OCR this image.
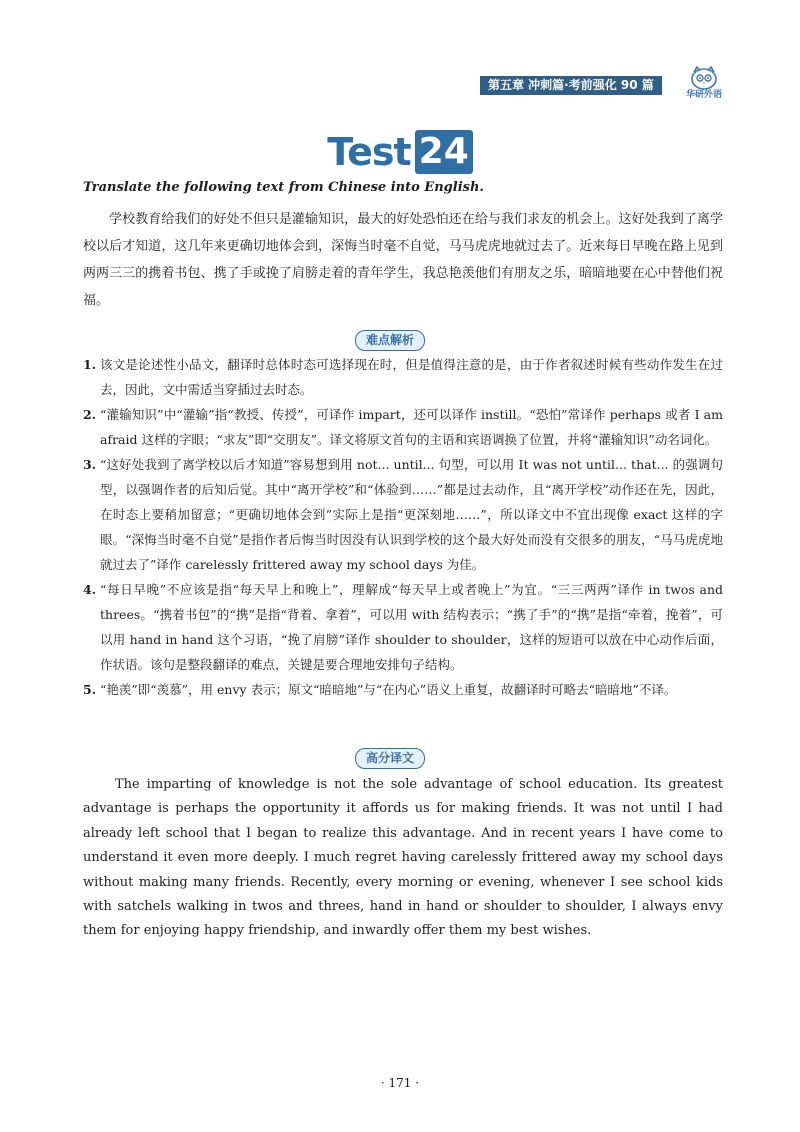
第五章 冲刺篇·考前强化 90 篇
华研外语
Test 24
Translate the following text from Chinese into English.

学校教育给我们的好处不但只是灌输知识，最大的好处恐怕还在给与我们求友的机会上。这好处我到了离学校以后才知道，这几年来更确切地体会到，深悔当时毫不自觉，马马虎虎地就过去了。近来每日早晚在路上见到两两三三的携着书包、携了手或挽了肩膀走着的青年学生，我总艳羡他们有朋友之乐，暗暗地要在心中替他们祝福。

难点解析
1. 该文是论述性小品文，翻译时总体时态可选择现在时，但是值得注意的是，由于作者叙述时候有些动作发生在过去，因此，文中需适当穿插过去时态。
2. “灌输知识”中“灌输”指“教授、传授”，可译作 impart，还可以译作 instill。“恐怕”常译作 perhaps 或者 I am afraid 这样的字眼；“求友”即“交朋友”。译文将原文首句的主语和宾语调换了位置，并将“灌输知识”动名词化。
3. “这好处我到了离学校以后才知道”容易想到用 not... until... 句型，可以用 It was not until... that... 的强调句型，以强调作者的后知后觉。其中“离开学校”和“体验到……”都是过去动作，且“离开学校”动作还在先，因此，在时态上要稍加留意；“更确切地体会到”实际上是指“更深刻地……”，所以译文中不宜出现像 exact 这样的字眼。“深悔当时毫不自觉”是指作者后悔当时因没有认识到学校的这个最大好处而没有交很多的朋友，“马马虎虎地就过去了”译作 carelessly frittered away my school days 为佳。
4. “每日早晚”不应该是指“每天早上和晚上”，理解成“每天早上或者晚上”为宜。“三三两两”译作 in twos and threes。“携着书包”的“携”是指“背着、拿着”，可以用 with 结构表示；“携了手”的“携”是指“牵着，挽着”，可以用 hand in hand 这个习语，“挽了肩膀”译作 shoulder to shoulder，这样的短语可以放在中心动作后面，作状语。该句是整段翻译的难点，关键是要合理地安排句子结构。
5. “艳羡”即“羡慕”，用 envy 表示；原文“暗暗地”与“在内心”语义上重复，故翻译时可略去“暗暗地”不译。
高分译文

The imparting of knowledge is not the sole advantage of school education. Its greatest advantage is perhaps the opportunity it affords us for making friends. It was not until I had already left school that I began to realize this advantage. And in recent years I have come to understand it even more deeply. I much regret having carelessly frittered away my school days without making many friends. Recently, every morning or evening, whenever I see school kids with satchels walking in twos and threes, hand in hand or shoulder to shoulder, I always envy them for enjoying happy friendship, and inwardly offer them my best wishes.

· 171 ·
